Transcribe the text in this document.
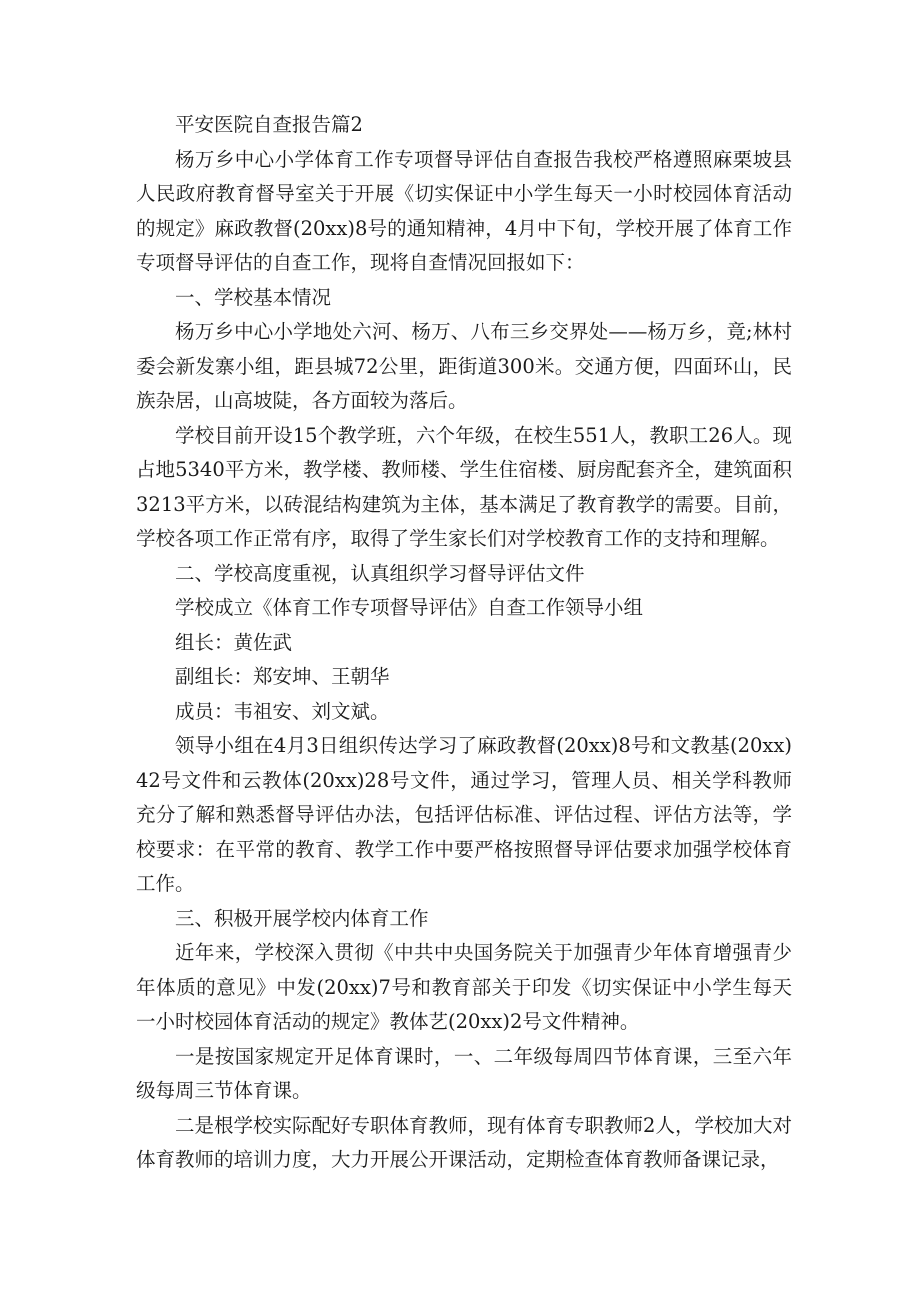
平安医院自查报告篇2

杨万乡中心小学体育工作专项督导评估自查报告我校严格遵照麻栗坡县人民政府教育督导室关于开展《切实保证中小学生每天一小时校园体育活动的规定》麻政教督(20xx)8号的通知精神，4月中下旬，学校开展了体育工作专项督导评估的自查工作，现将自查情况回报如下：

一、学校基本情况

杨万乡中心小学地处六河、杨万、八布三乡交界处——杨万乡，竟;林村委会新发寨小组，距县城72公里，距街道300米。交通方便，四面环山，民族杂居，山高坡陡，各方面较为落后。

学校目前开设15个教学班，六个年级，在校生551人，教职工26人。现占地5340平方米，教学楼、教师楼、学生住宿楼、厨房配套齐全，建筑面积3213平方米，以砖混结构建筑为主体，基本满足了教育教学的需要。目前，学校各项工作正常有序，取得了学生家长们对学校教育工作的支持和理解。

二、学校高度重视，认真组织学习督导评估文件

学校成立《体育工作专项督导评估》自查工作领导小组

组长：黄佐武

副组长：郑安坤、王朝华

成员：韦祖安、刘文斌。

领导小组在4月3日组织传达学习了麻政教督(20xx)8号和文教基(20xx)42号文件和云教体(20xx)28号文件，通过学习，管理人员、相关学科教师充分了解和熟悉督导评估办法，包括评估标准、评估过程、评估方法等，学校要求：在平常的教育、教学工作中要严格按照督导评估要求加强学校体育工作。

三、积极开展学校内体育工作

近年来，学校深入贯彻《中共中央国务院关于加强青少年体育增强青少年体质的意见》中发(20xx)7号和教育部关于印发《切实保证中小学生每天一小时校园体育活动的规定》教体艺(20xx)2号文件精神。

一是按国家规定开足体育课时，一、二年级每周四节体育课，三至六年级每周三节体育课。

二是根学校实际配好专职体育教师，现有体育专职教师2人，学校加大对体育教师的培训力度，大力开展公开课活动，定期检查体育教师备课记录，
